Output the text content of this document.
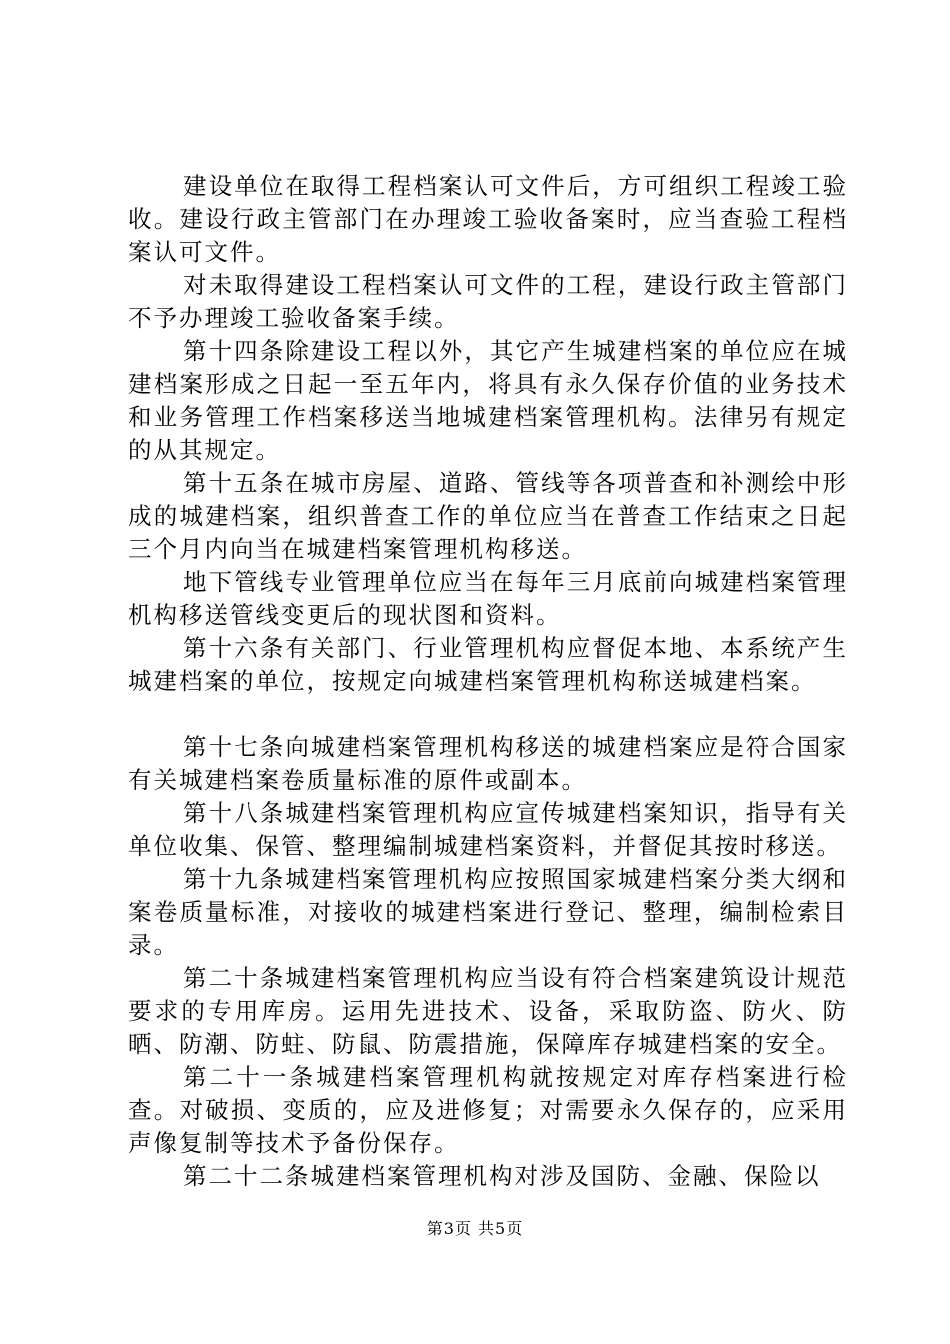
建设单位在取得工程档案认可文件后，方可组织工程竣工验收。建设行政主管部门在办理竣工验收备案时，应当查验工程档案认可文件。

对未取得建设工程档案认可文件的工程，建设行政主管部门不予办理竣工验收备案手续。

第十四条除建设工程以外，其它产生城建档案的单位应在城建档案形成之日起一至五年内，将具有永久保存价值的业务技术和业务管理工作档案移送当地城建档案管理机构。法律另有规定的从其规定。

第十五条在城市房屋、道路、管线等各项普查和补测绘中形成的城建档案，组织普查工作的单位应当在普查工作结束之日起三个月内向当在城建档案管理机构移送。

地下管线专业管理单位应当在每年三月底前向城建档案管理机构移送管线变更后的现状图和资料。

第十六条有关部门、行业管理机构应督促本地、本系统产生城建档案的单位，按规定向城建档案管理机构称送城建档案。

第十七条向城建档案管理机构移送的城建档案应是符合国家有关城建档案卷质量标准的原件或副本。

第十八条城建档案管理机构应宣传城建档案知识，指导有关单位收集、保管、整理编制城建档案资料，并督促其按时移送。

第十九条城建档案管理机构应按照国家城建档案分类大纲和案卷质量标准，对接收的城建档案进行登记、整理，编制检索目录。

第二十条城建档案管理机构应当设有符合档案建筑设计规范要求的专用库房。运用先进技术、设备，采取防盗、防火、防晒、防潮、防蛀、防鼠、防震措施，保障库存城建档案的安全。

第二十一条城建档案管理机构就按规定对库存档案进行检查。对破损、变质的，应及进修复；对需要永久保存的，应采用声像复制等技术予备份保存。

第二十二条城建档案管理机构对涉及国防、金融、保险以

第3页 共5页
